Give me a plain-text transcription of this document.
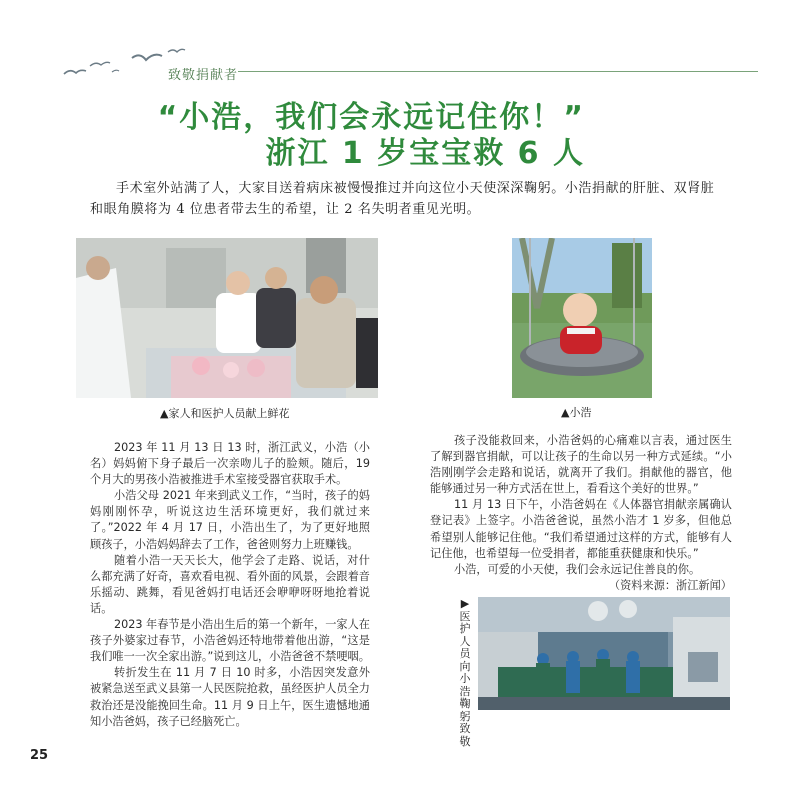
致敬捐献者
“小浩，我们会永远记住你！”
浙江 1 岁宝宝救 6 人

手术室外站满了人，大家目送着病床被慢慢推过并向这位小天使深深鞠躬。小浩捐献的肝脏、双肾脏和眼角膜将为 4 位患者带去生的希望，让 2 名失明者重见光明。

▲家人和医护人员献上鲜花	▲小浩

2023 年 11 月 13 日 13 时，浙江武义，小浩（小名）妈妈俯下身子最后一次亲吻儿子的脸颊。随后，19 个月大的男孩小浩被推进手术室接受器官获取手术。

小浩父母 2021 年来到武义工作，“当时，孩子的妈妈刚刚怀孕，听说这边生活环境更好，我们就过来了。”2022 年 4 月 17 日，小浩出生了，为了更好地照顾孩子，小浩妈妈辞去了工作，爸爸则努力上班赚钱。

随着小浩一天天长大，他学会了走路、说话，对什么都充满了好奇，喜欢看电视、看外面的风景，会跟着音乐摇动、跳舞，看见爸妈打电话还会咿咿呀呀地抢着说话。

2023 年春节是小浩出生后的第一个新年，一家人在孩子外婆家过春节，小浩爸妈还特地带着他出游，“这是我们唯一一次全家出游。”说到这儿，小浩爸爸不禁哽咽。

转折发生在 11 月 7 日 10 时多，小浩因突发意外被紧急送至武义县第一人民医院抢救，虽经医护人员全力救治还是没能挽回生命。11 月 9 日上午，医生遗憾地通知小浩爸妈，孩子已经脑死亡。

孩子没能救回来，小浩爸妈的心痛难以言表，通过医生了解到器官捐献，可以让孩子的生命以另一种方式延续。“小浩刚刚学会走路和说话，就离开了我们。捐献他的器官，他能够通过另一种方式活在世上，看看这个美好的世界。”

11 月 13 日下午，小浩爸妈在《人体器官捐献亲属确认登记表》上签字。小浩爸爸说，虽然小浩才 1 岁多，但他总希望别人能够记住他。“我们希望通过这样的方式，能够有人记住他，也希望每一位受捐者，都能重获健康和快乐。”

小浩，可爱的小天使，我们会永远记住善良的你。

（资料来源：浙江新闻）

▶医护人员向小浩鞠躬致敬
25
